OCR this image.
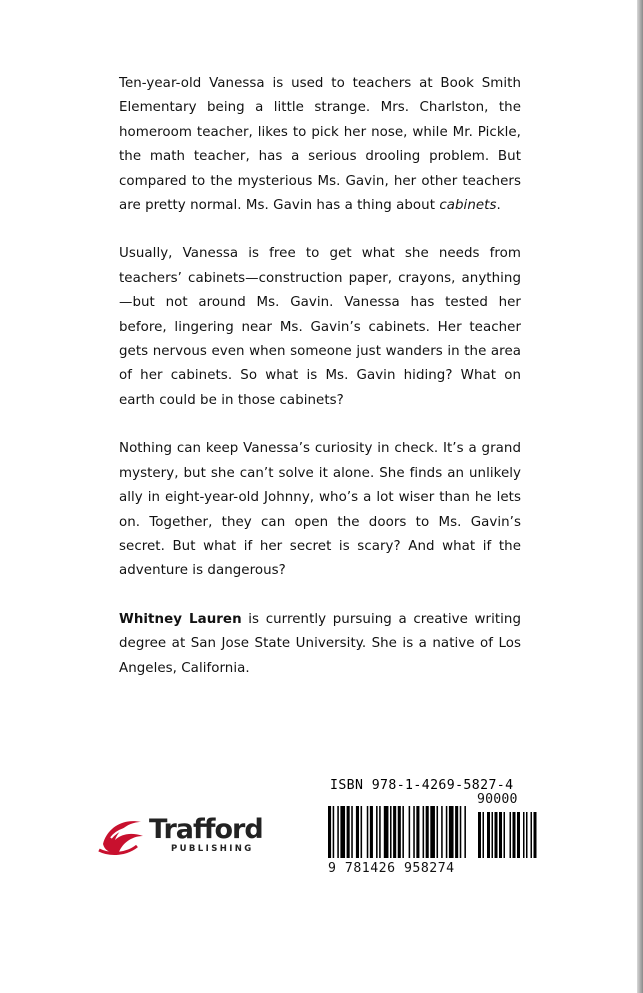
Ten-year-old Vanessa is used to teachers at Book Smith Elementary being a little strange. Mrs. Charlston, the homeroom teacher, likes to pick her nose, while Mr. Pickle, the math teacher, has a serious drooling problem. But compared to the mysterious Ms. Gavin, her other teachers are pretty normal. Ms. Gavin has a thing about cabinets.

Usually, Vanessa is free to get what she needs from teachers’ cabinets—construction paper, crayons, anything—but not around Ms. Gavin. Vanessa has tested her before, lingering near Ms. Gavin’s cabinets. Her teacher gets nervous even when someone just wanders in the area of her cabinets. So what is Ms. Gavin hiding? What on earth could be in those cabinets?

Nothing can keep Vanessa’s curiosity in check. It’s a grand mystery, but she can’t solve it alone. She finds an unlikely ally in eight-year-old Johnny, who’s a lot wiser than he lets on. Together, they can open the doors to Ms. Gavin’s secret. But what if her secret is scary? And what if the adventure is dangerous?

Whitney Lauren is currently pursuing a creative writing degree at San Jose State University. She is a native of Los Angeles, California.

Trafford
PUBLISHING
ISBN 978-1-4269-5827-4
90000
9 781426 958274
